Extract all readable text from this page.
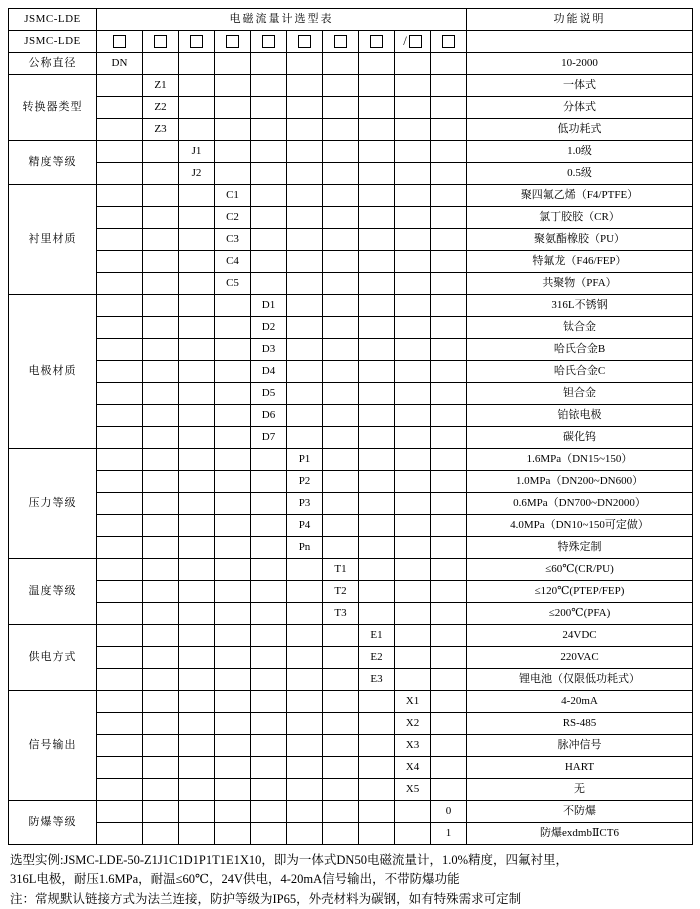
JSMC-LDE	电磁流量计选型表										功能说明
JSMC-LDE									/		
公称直径	DN										10-2000
转换器类型		Z1									一体式
		Z2									分体式
		Z3									低功耗式
精度等级			J1								1.0级
			J2								0.5级
衬里材质				C1							聚四氟乙烯（F4/PTFE）
				C2							氯丁胶胶（CR）
				C3							聚氨酯橡胶（PU）
				C4							特氟龙（F46/FEP）
				C5							共聚物（PFA）
电极材质					D1						316L不锈钢
					D2						钛合金
					D3						哈氏合金B
					D4						哈氏合金C
					D5						钽合金
					D6						铂铱电极
					D7						碳化钨
压力等级						P1					1.6MPa（DN15~150）
						P2					1.0MPa（DN200~DN600）
						P3					0.6MPa（DN700~DN2000）
						P4					4.0MPa（DN10~150可定做）
						Pn					特殊定制
温度等级							T1				≤60℃(CR/PU)
							T2				≤120℃(PTEP/FEP)
							T3				≤200℃(PFA)
供电方式								E1			24VDC
								E2			220VAC
								E3			锂电池（仅限低功耗式）
信号输出									X1		4-20mA
									X2		RS-485
									X3		脉冲信号
									X4		HART
									X5		无
防爆等级										0	不防爆
										1	防爆exdmbⅡCT6

选型实例:JSMC-LDE-50-Z1J1C1D1P1T1E1X10，即为一体式DN50电磁流量计，1.0%精度，四氟衬里，

316L电极，耐压1.6MPa，耐温≤60℃，24V供电，4-20mA信号输出，不带防爆功能

注：常规默认链接方式为法兰连接，防护等级为IP65，外壳材料为碳钢，如有特殊需求可定制
